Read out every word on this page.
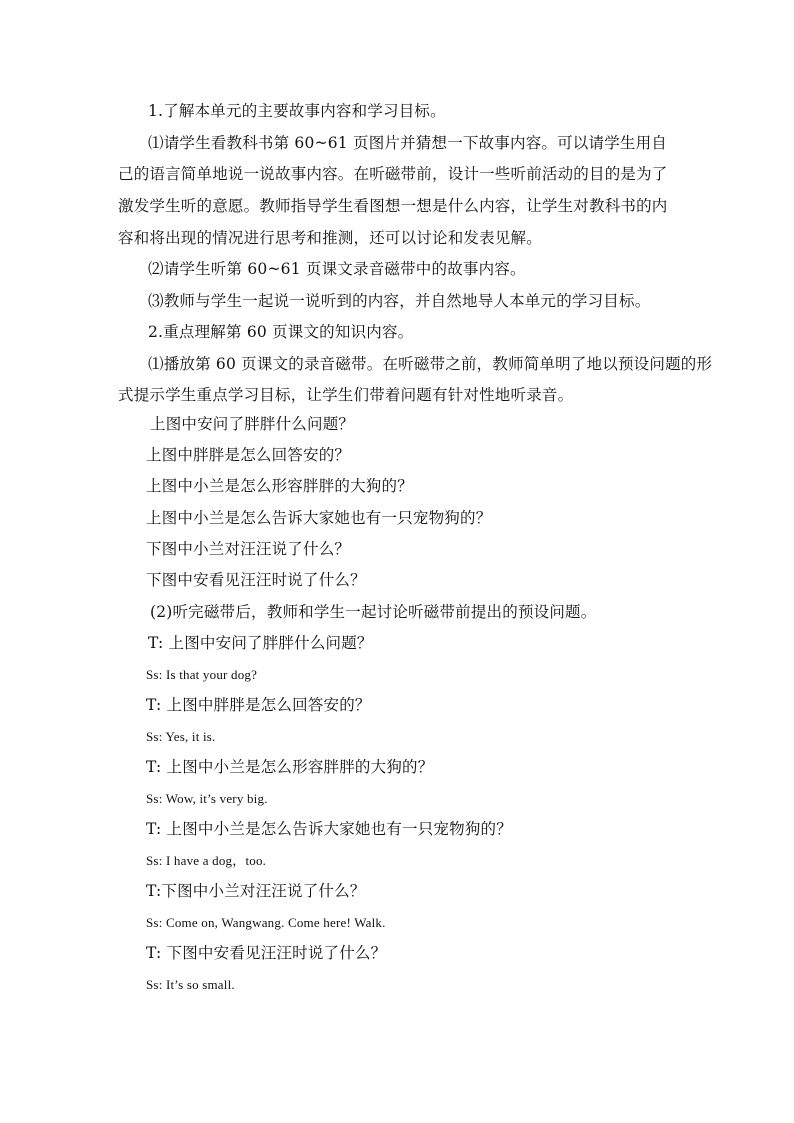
1.了解本单元的主要故事内容和学习目标。
⑴请学生看教科书第 60~61 页图片并猜想一下故事内容。可以请学生用自
己的语言简单地说一说故事内容。在听磁带前，设计一些听前活动的目的是为了
激发学生听的意愿。教师指导学生看图想一想是什么内容，让学生对教科书的内
容和将出现的情况进行思考和推测，还可以讨论和发表见解。
⑵请学生听第 60~61 页课文录音磁带中的故事内容。
⑶教师与学生一起说一说听到的内容，并自然地导人本单元的学习目标。
2.重点理解第 60 页课文的知识内容。
⑴播放第 60 页课文的录音磁带。在听磁带之前，教师简单明了地以预设问题的形
式提示学生重点学习目标，让学生们带着问题有针对性地听录音。
上图中安问了胖胖什么问题？
上图中胖胖是怎么回答安的？
上图中小兰是怎么形容胖胖的大狗的？
上图中小兰是怎么告诉大家她也有一只宠物狗的？
下图中小兰对汪汪说了什么？
下图中安看见汪汪时说了什么？
(2)听完磁带后，教师和学生一起讨论听磁带前提出的预设问题。
T: 上图中安问了胖胖什么问题？
Ss: Is that your dog?
T: 上图中胖胖是怎么回答安的？
Ss: Yes, it is.
T: 上图中小兰是怎么形容胖胖的大狗的？
Ss: Wow, it’s very big.
T: 上图中小兰是怎么告诉大家她也有一只宠物狗的？
Ss: I have a dog，too.
T:下图中小兰对汪汪说了什么？
Ss: Come on, Wangwang. Come here! Walk.
T: 下图中安看见汪汪时说了什么？
Ss: It’s so small.
